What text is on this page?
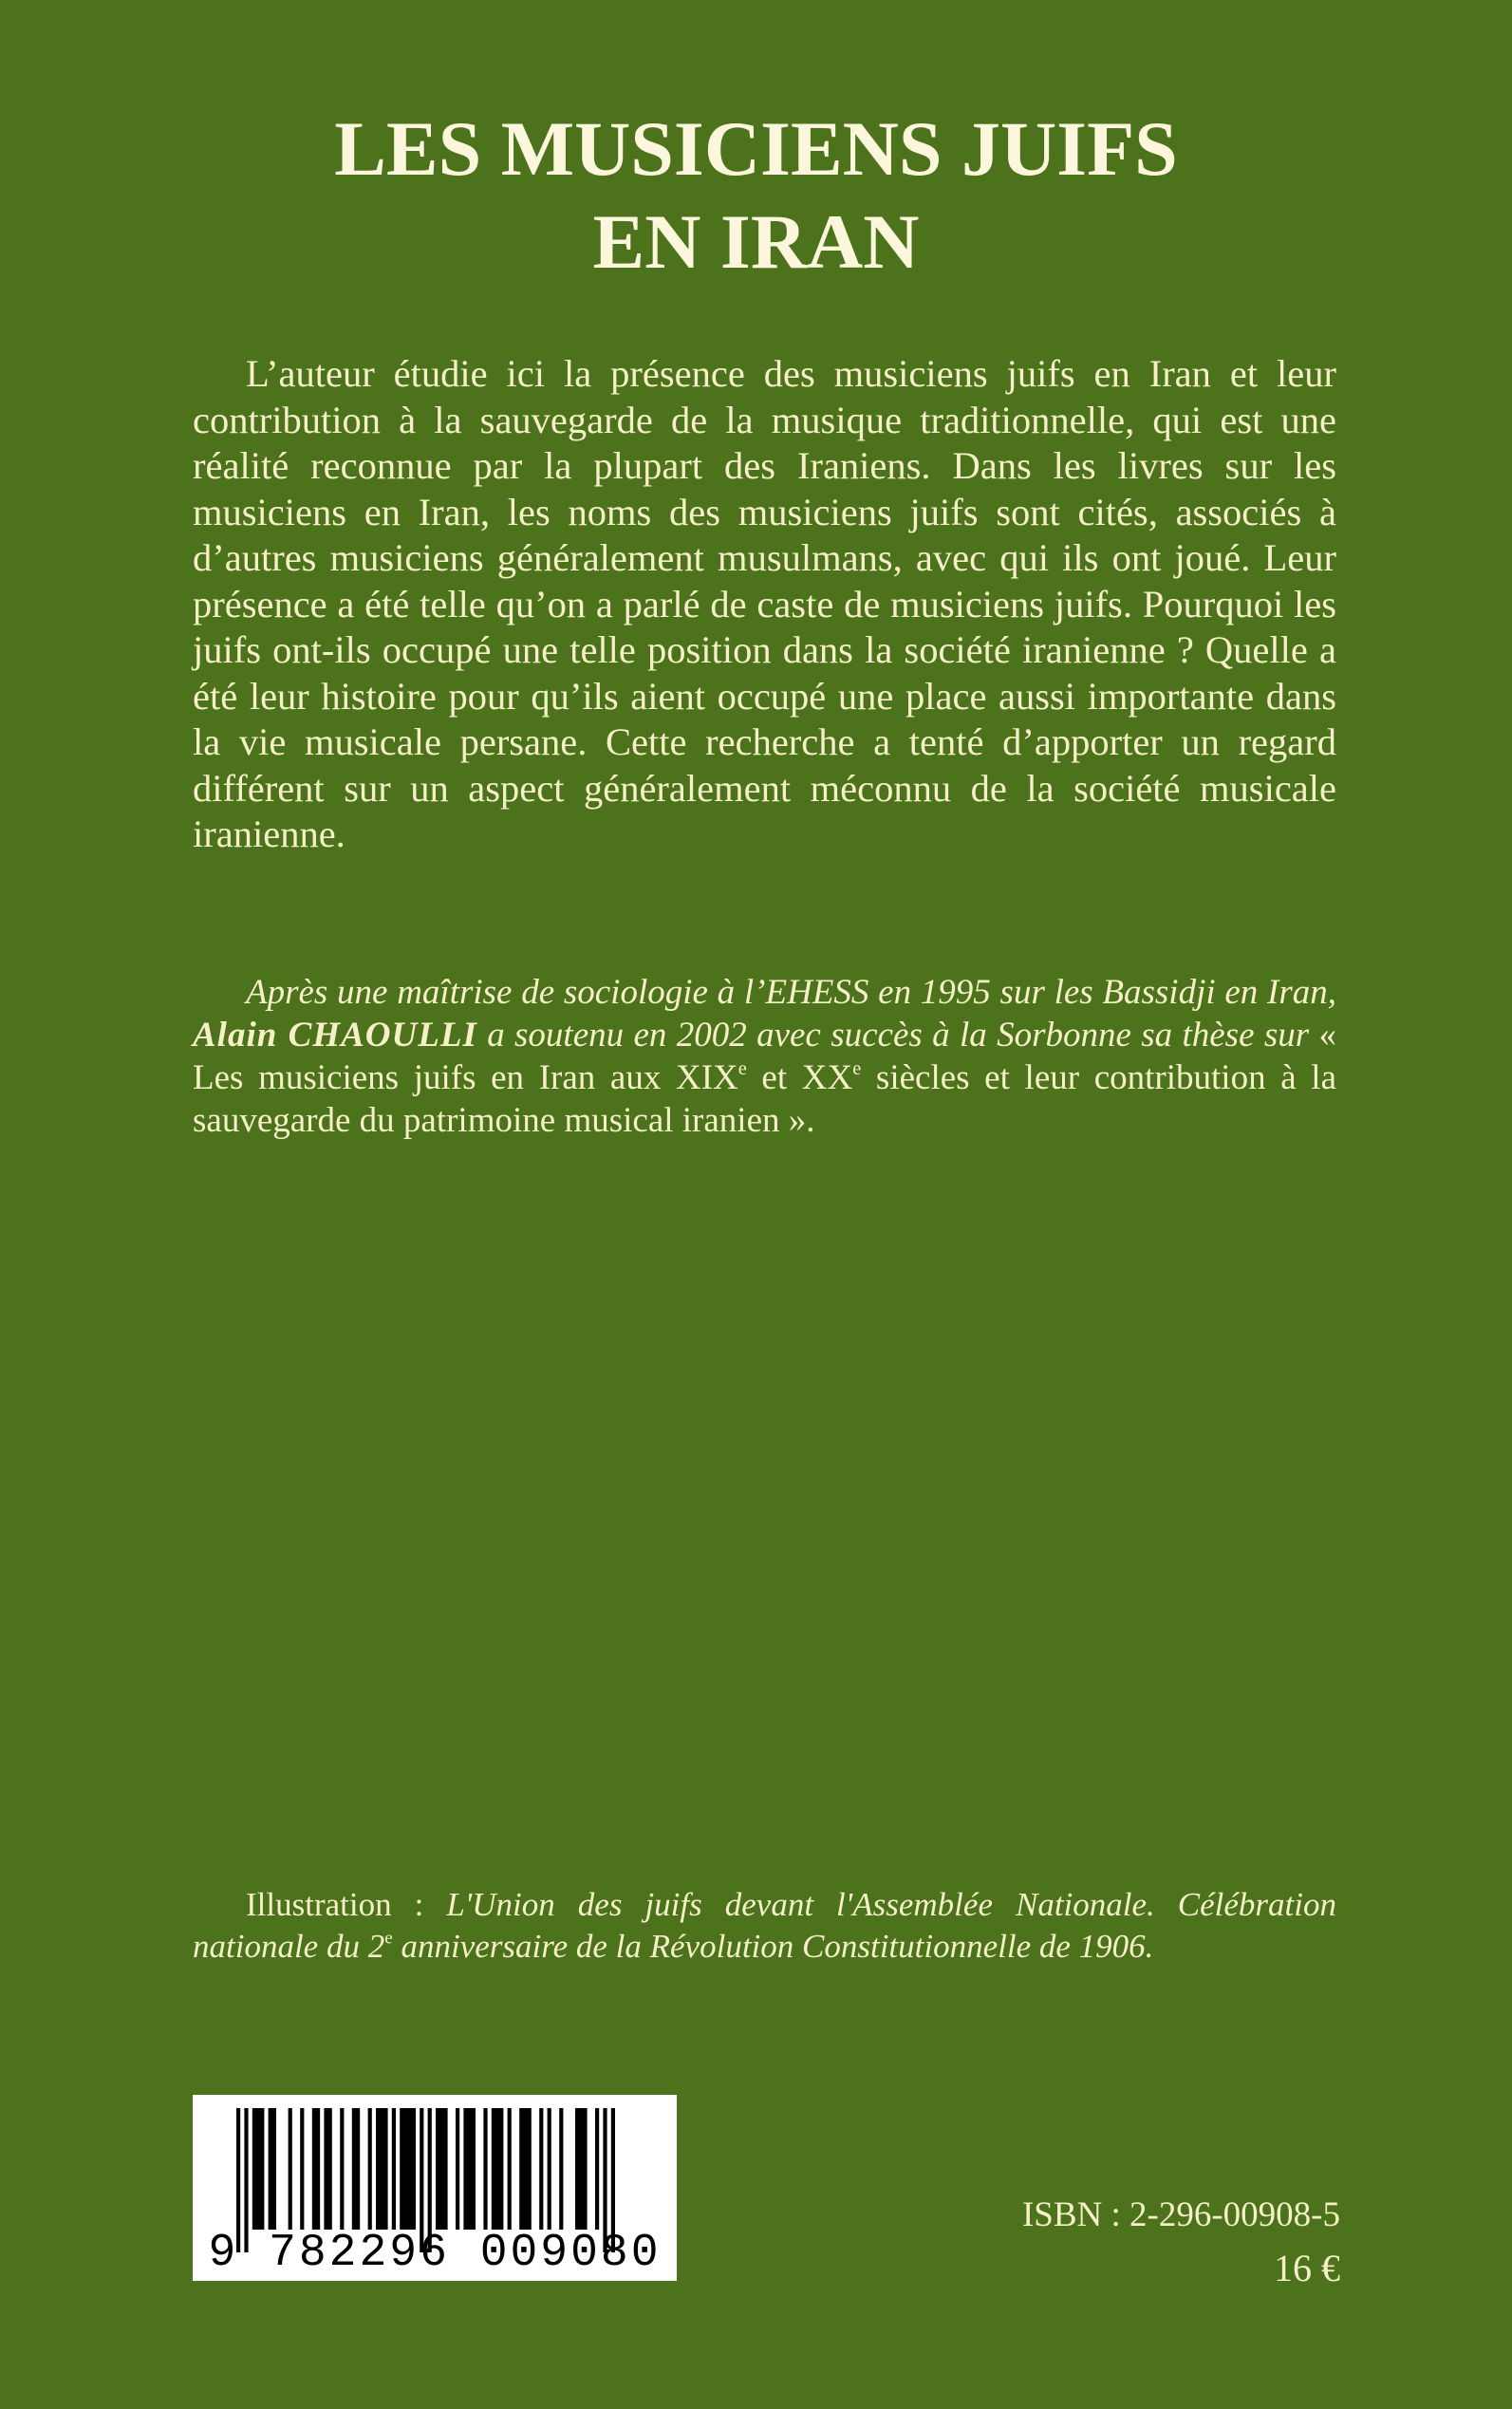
LES MUSICIENS JUIFS
EN IRAN

L’auteur étudie ici la présence des musiciens juifs en Iran et leur contribution à la sauvegarde de la musique traditionnelle, qui est une réalité reconnue par la plupart des Iraniens. Dans les livres sur les musiciens en Iran, les noms des musiciens juifs sont cités, associés à d’autres musiciens généralement musulmans, avec qui ils ont joué. Leur présence a été telle qu’on a parlé de caste de musiciens juifs. Pourquoi les juifs ont-ils occupé une telle position dans la société iranienne ? Quelle a été leur histoire pour qu’ils aient occupé une place aussi importante dans la vie musicale persane. Cette recherche a tenté d’apporter un regard différent sur un aspect généralement méconnu de la société musicale iranienne.

Après une maîtrise de sociologie à l’EHESS en 1995 sur les Bassidji en Iran, Alain CHAOULLI a soutenu en 2002 avec succès à la Sorbonne sa thèse sur « Les musiciens juifs en Iran aux XIXe et XXe siècles et leur contribution à la sauvegarde du patrimoine musical iranien ».

Illustration : L'Union des juifs devant l'Assemblée Nationale. Célébration nationale du 2e anniversaire de la Révolution Constitutionnelle de 1906.

9 782296 009080

ISBN : 2-296-00908-5

16 €
